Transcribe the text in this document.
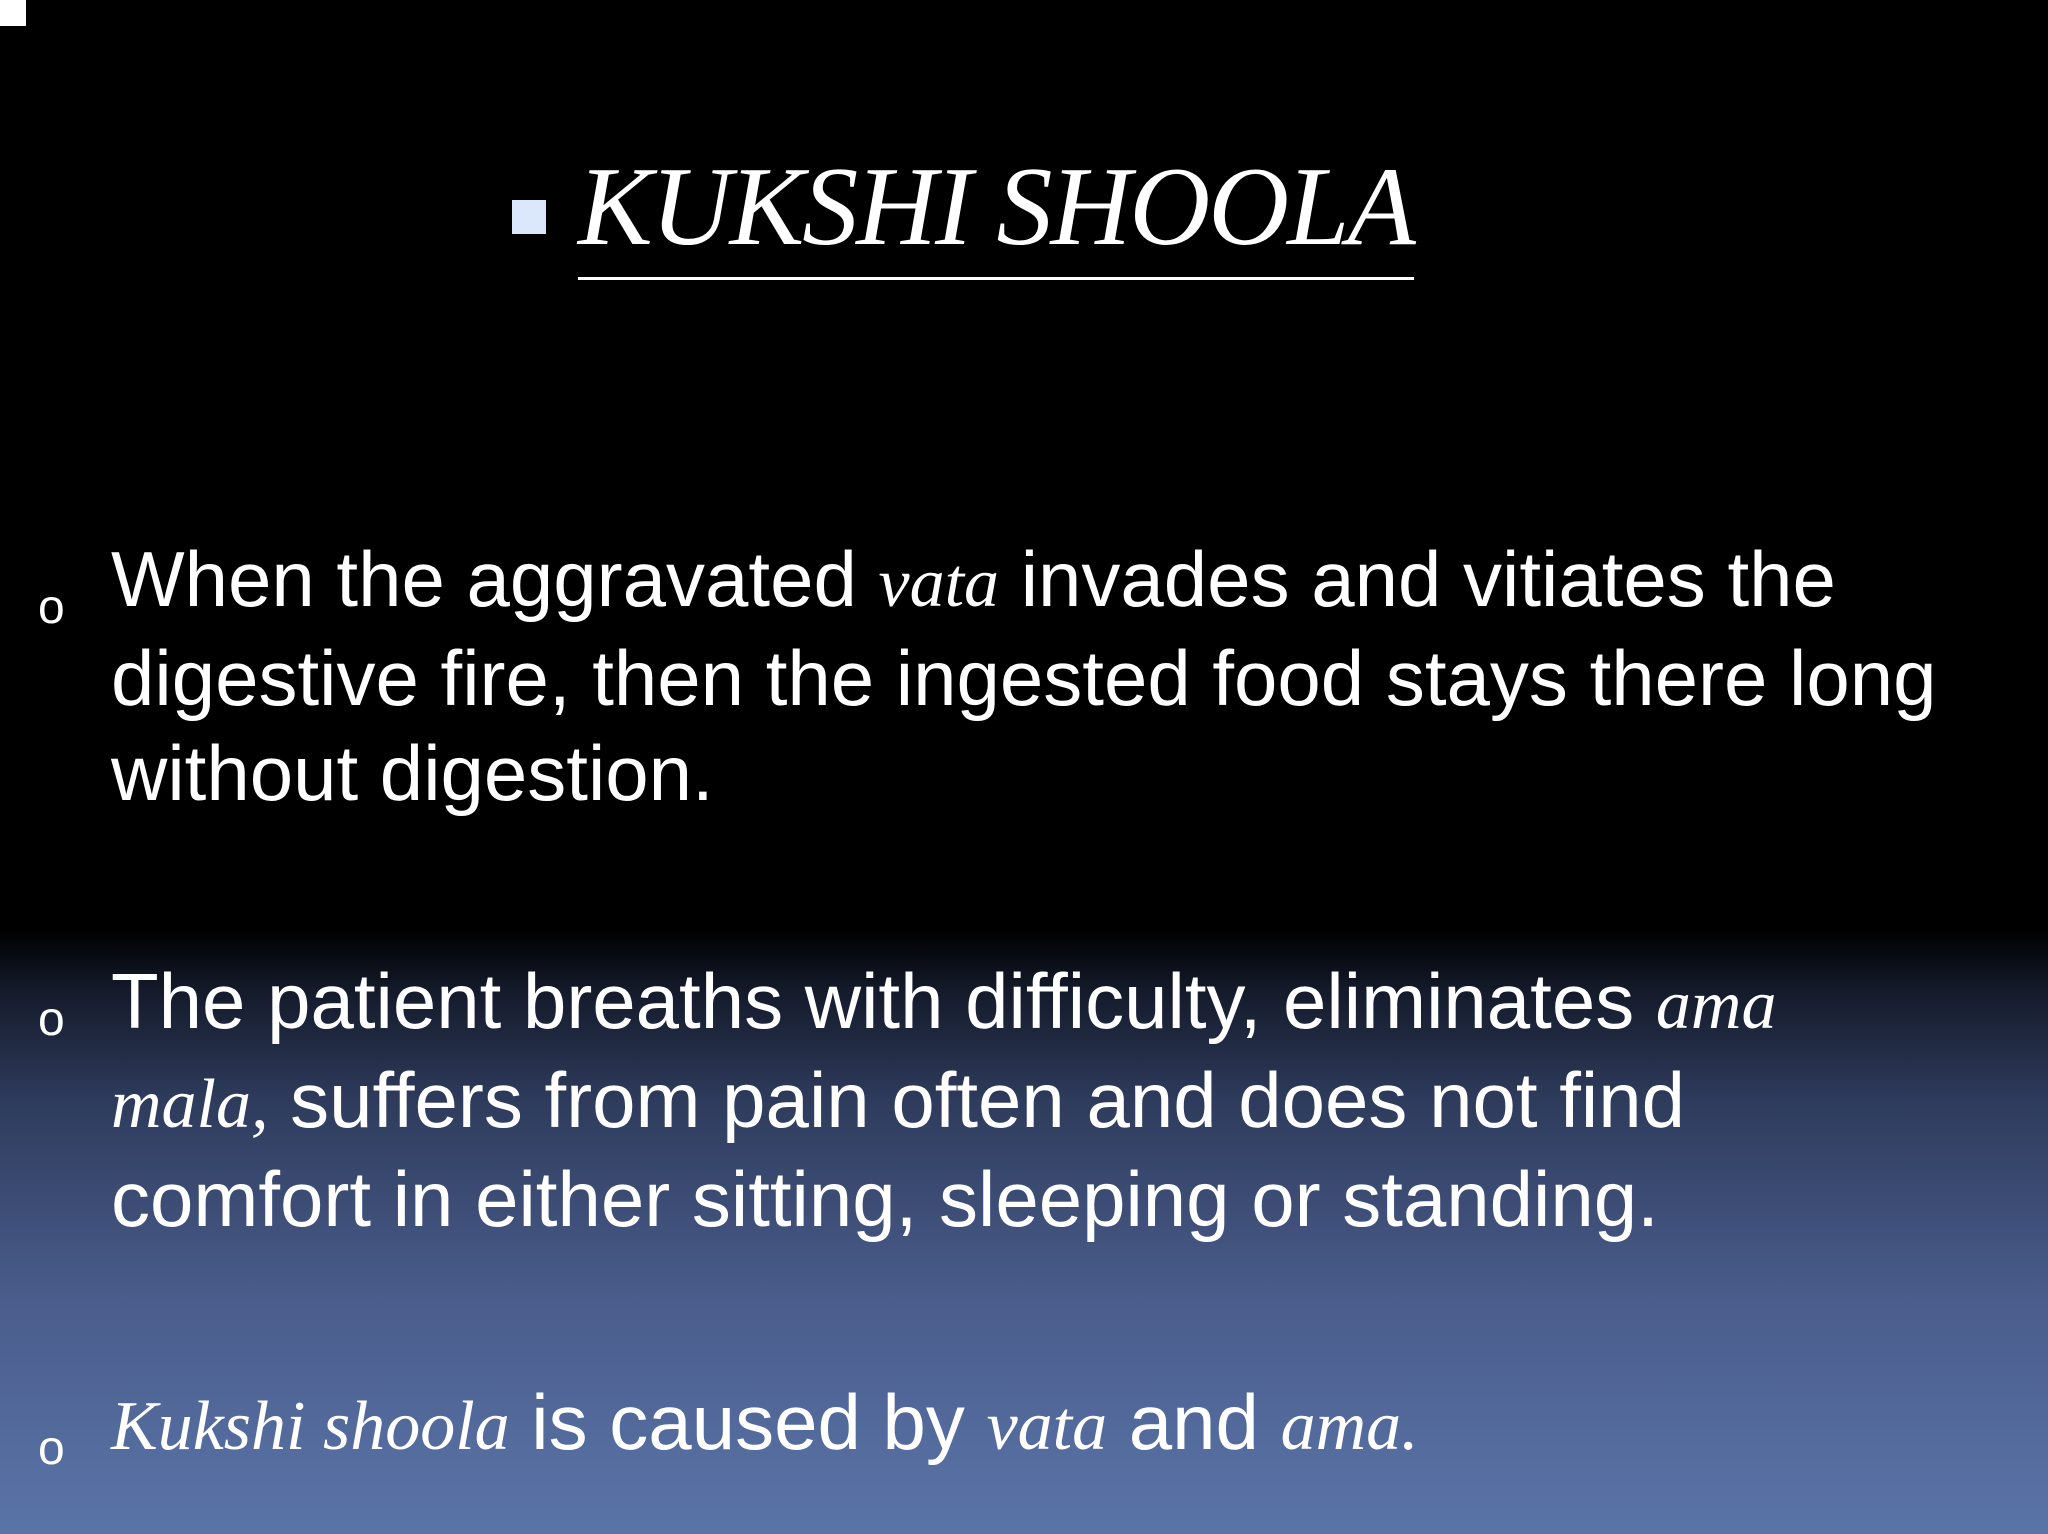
KUKSHI SHOOLA
o When the aggravated vata invades and vitiates the digestive fire, then the ingested food stays there long without digestion.
o The patient breaths with difficulty, eliminates ama mala, suffers from pain often and does not find comfort in either sitting, sleeping or standing.
o Kukshi shoola is caused by vata and ama.
